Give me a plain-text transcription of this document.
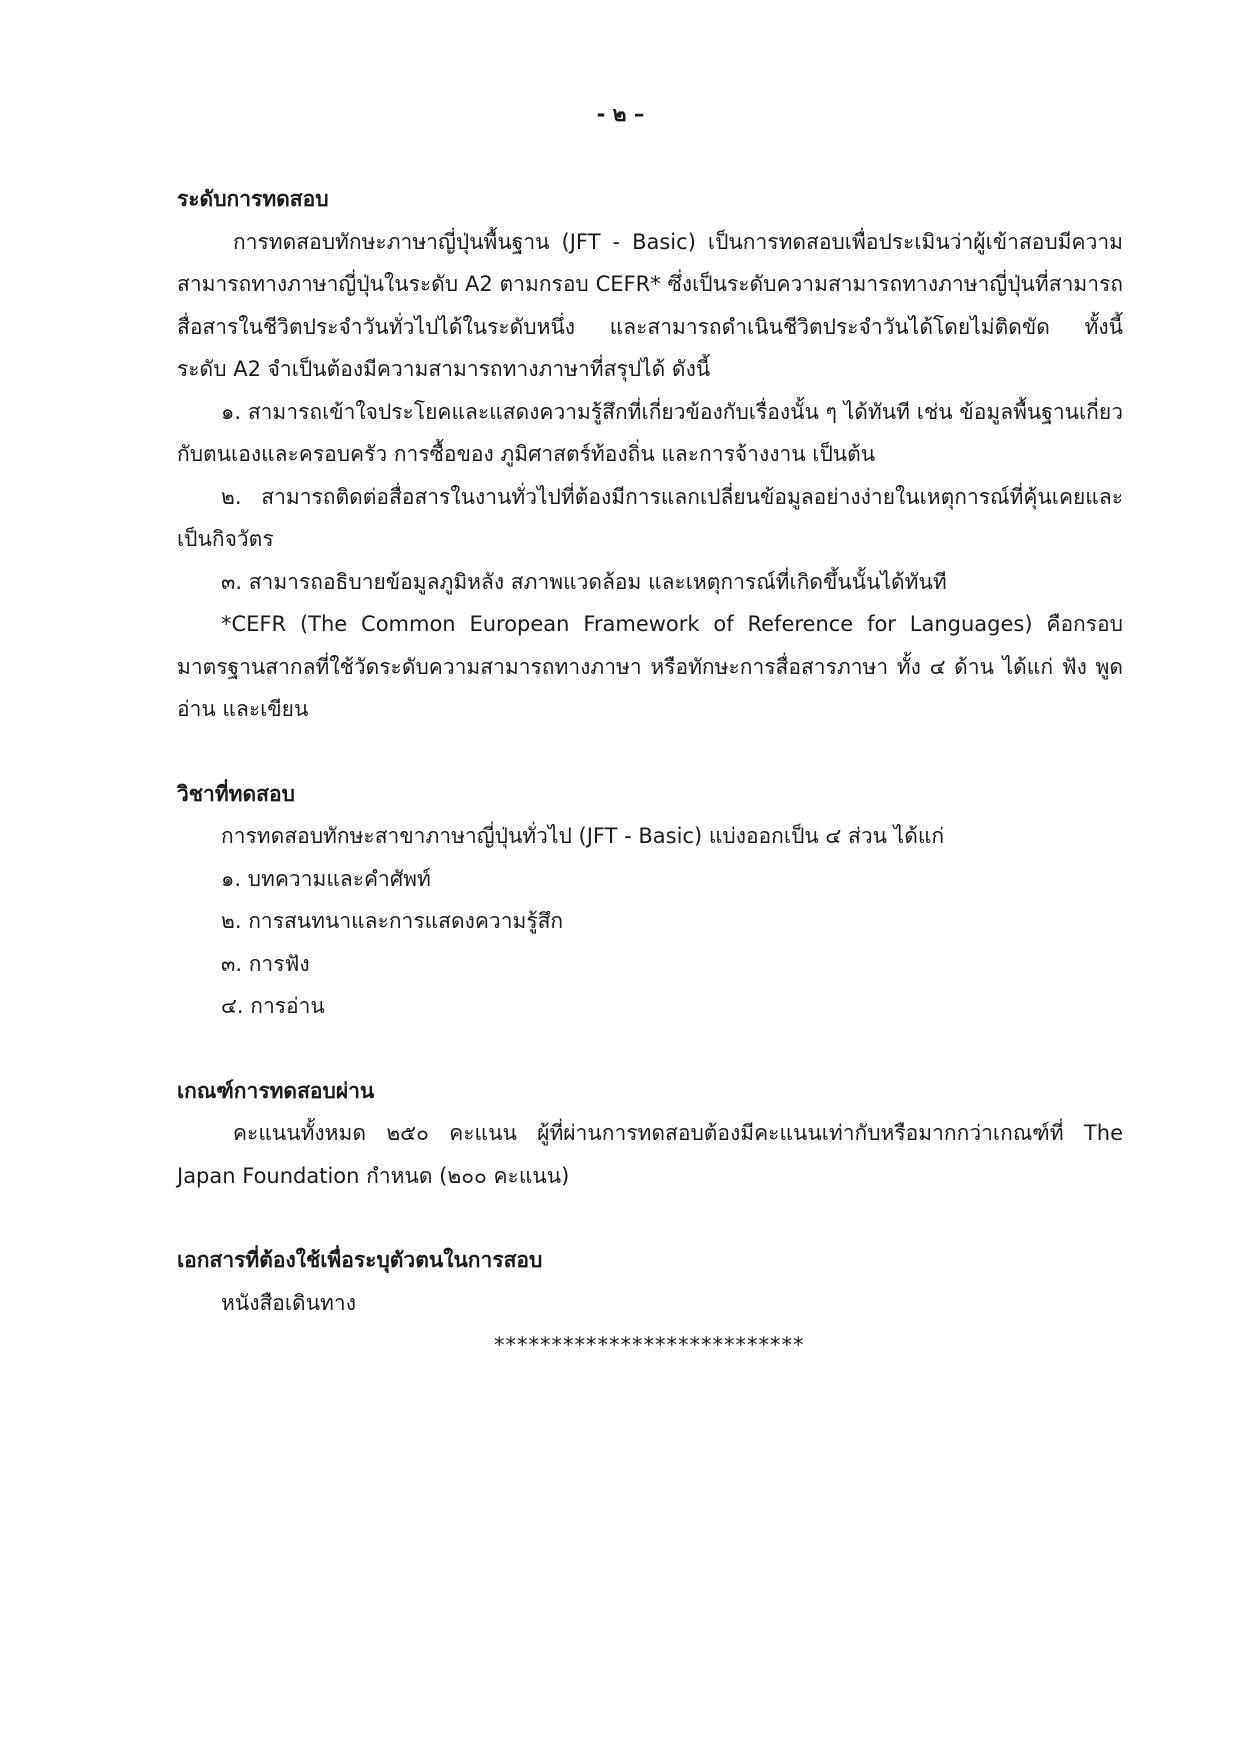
- ๒ –

ระดับการทดสอบ

การทดสอบทักษะภาษาญี่ปุ่นพื้นฐาน (JFT - Basic) เป็นการทดสอบเพื่อประเมินว่าผู้เข้าสอบมีความสามารถทางภาษาญี่ปุ่นในระดับ A2 ตามกรอบ CEFR* ซึ่งเป็นระดับความสามารถทางภาษาญี่ปุ่นที่สามารถสื่อสารในชีวิตประจำวันทั่วไปได้ในระดับหนึ่ง และสามารถดำเนินชีวิตประจำวันได้โดยไม่ติดขัด ทั้งนี้ ระดับ A2 จำเป็นต้องมีความสามารถทางภาษาที่สรุปได้ ดังนี้

๑. สามารถเข้าใจประโยคและแสดงความรู้สึกที่เกี่ยวข้องกับเรื่องนั้น ๆ ได้ทันที เช่น ข้อมูลพื้นฐานเกี่ยวกับตนเองและครอบครัว การซื้อของ ภูมิศาสตร์ท้องถิ่น และการจ้างงาน เป็นต้น

๒. สามารถติดต่อสื่อสารในงานทั่วไปที่ต้องมีการแลกเปลี่ยนข้อมูลอย่างง่ายในเหตุการณ์ที่คุ้นเคยและเป็นกิจวัตร

๓. สามารถอธิบายข้อมูลภูมิหลัง สภาพแวดล้อม และเหตุการณ์ที่เกิดขึ้นนั้นได้ทันที

*CEFR (The Common European Framework of Reference for Languages) คือกรอบมาตรฐานสากลที่ใช้วัดระดับความสามารถทางภาษา หรือทักษะการสื่อสารภาษา ทั้ง ๔ ด้าน ได้แก่ ฟัง พูด อ่าน และเขียน

วิชาที่ทดสอบ

การทดสอบทักษะสาขาภาษาญี่ปุ่นทั่วไป (JFT - Basic) แบ่งออกเป็น ๔ ส่วน ได้แก่

๑. บทความและคำศัพท์

๒. การสนทนาและการแสดงความรู้สึก

๓. การฟัง

๔. การอ่าน

เกณฑ์การทดสอบผ่าน

คะแนนทั้งหมด ๒๕๐ คะแนน ผู้ที่ผ่านการทดสอบต้องมีคะแนนเท่ากับหรือมากกว่าเกณฑ์ที่ The Japan Foundation กำหนด (๒๐๐ คะแนน)

เอกสารที่ต้องใช้เพื่อระบุตัวตนในการสอบ

หนังสือเดินทาง

***************************
